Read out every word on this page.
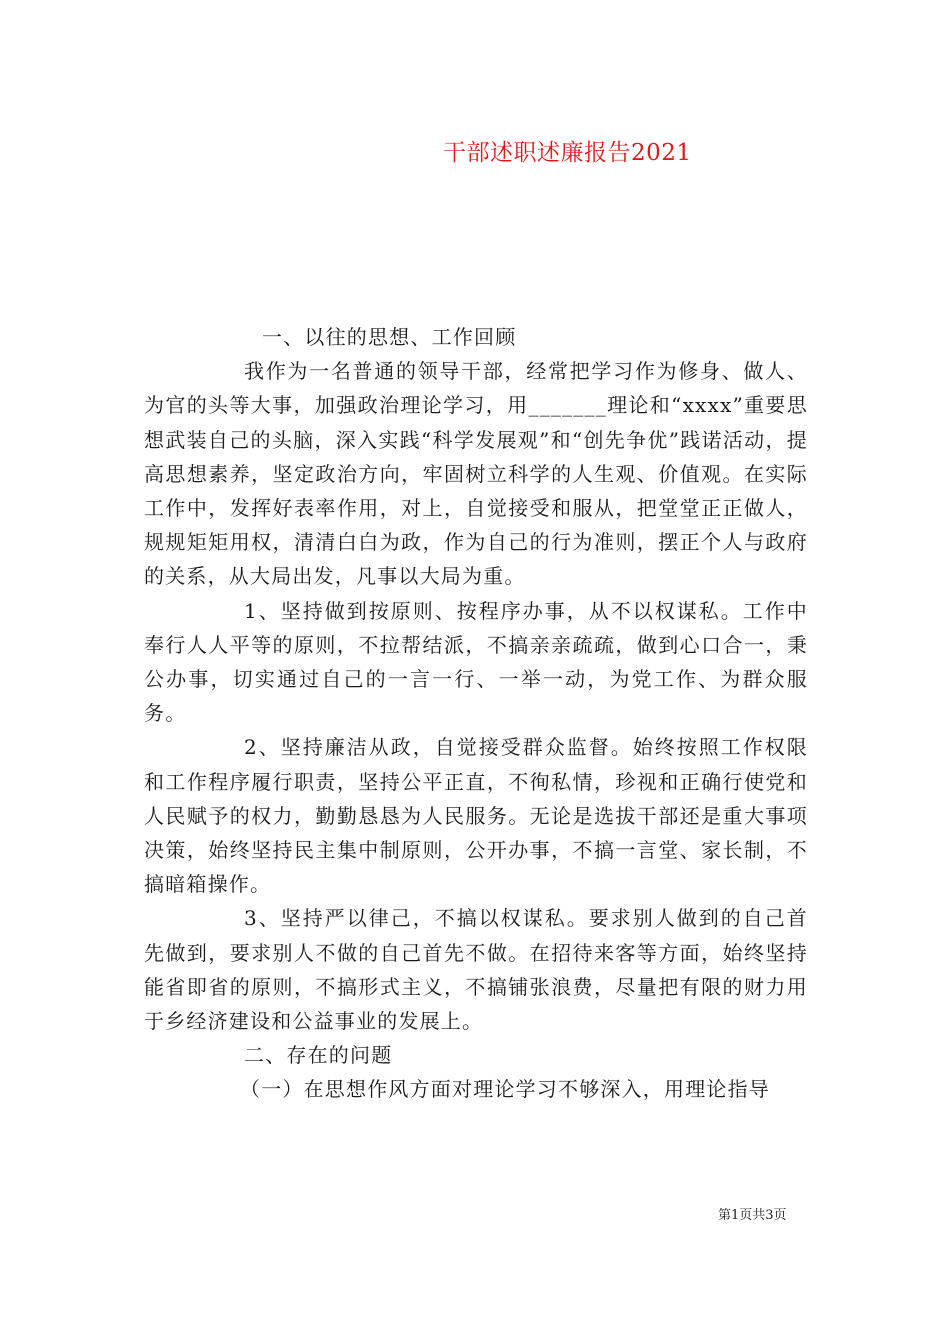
干部述职述廉报告2021

一、以往的思想、工作回顾

我作为一名普通的领导干部，经常把学习作为修身、做人、为官的头等大事，加强政治理论学习，用_______理论和“xxxx”重要思想武装自己的头脑，深入实践“科学发展观”和“创先争优”践诺活动，提高思想素养，坚定政治方向，牢固树立科学的人生观、价值观。在实际工作中，发挥好表率作用，对上，自觉接受和服从，把堂堂正正做人，规规矩矩用权，清清白白为政，作为自己的行为准则，摆正个人与政府的关系，从大局出发，凡事以大局为重。

1、坚持做到按原则、按程序办事，从不以权谋私。工作中奉行人人平等的原则，不拉帮结派，不搞亲亲疏疏，做到心口合一，秉公办事，切实通过自己的一言一行、一举一动，为党工作、为群众服务。

2、坚持廉洁从政，自觉接受群众监督。始终按照工作权限和工作程序履行职责，坚持公平正直，不徇私情，珍视和正确行使党和人民赋予的权力，勤勤恳恳为人民服务。无论是选拔干部还是重大事项决策，始终坚持民主集中制原则，公开办事，不搞一言堂、家长制，不搞暗箱操作。

3、坚持严以律己，不搞以权谋私。要求别人做到的自己首先做到，要求别人不做的自己首先不做。在招待来客等方面，始终坚持能省即省的原则，不搞形式主义，不搞铺张浪费，尽量把有限的财力用于乡经济建设和公益事业的发展上。

二、存在的问题

（一）在思想作风方面对理论学习不够深入，用理论指导

第1页共3页
